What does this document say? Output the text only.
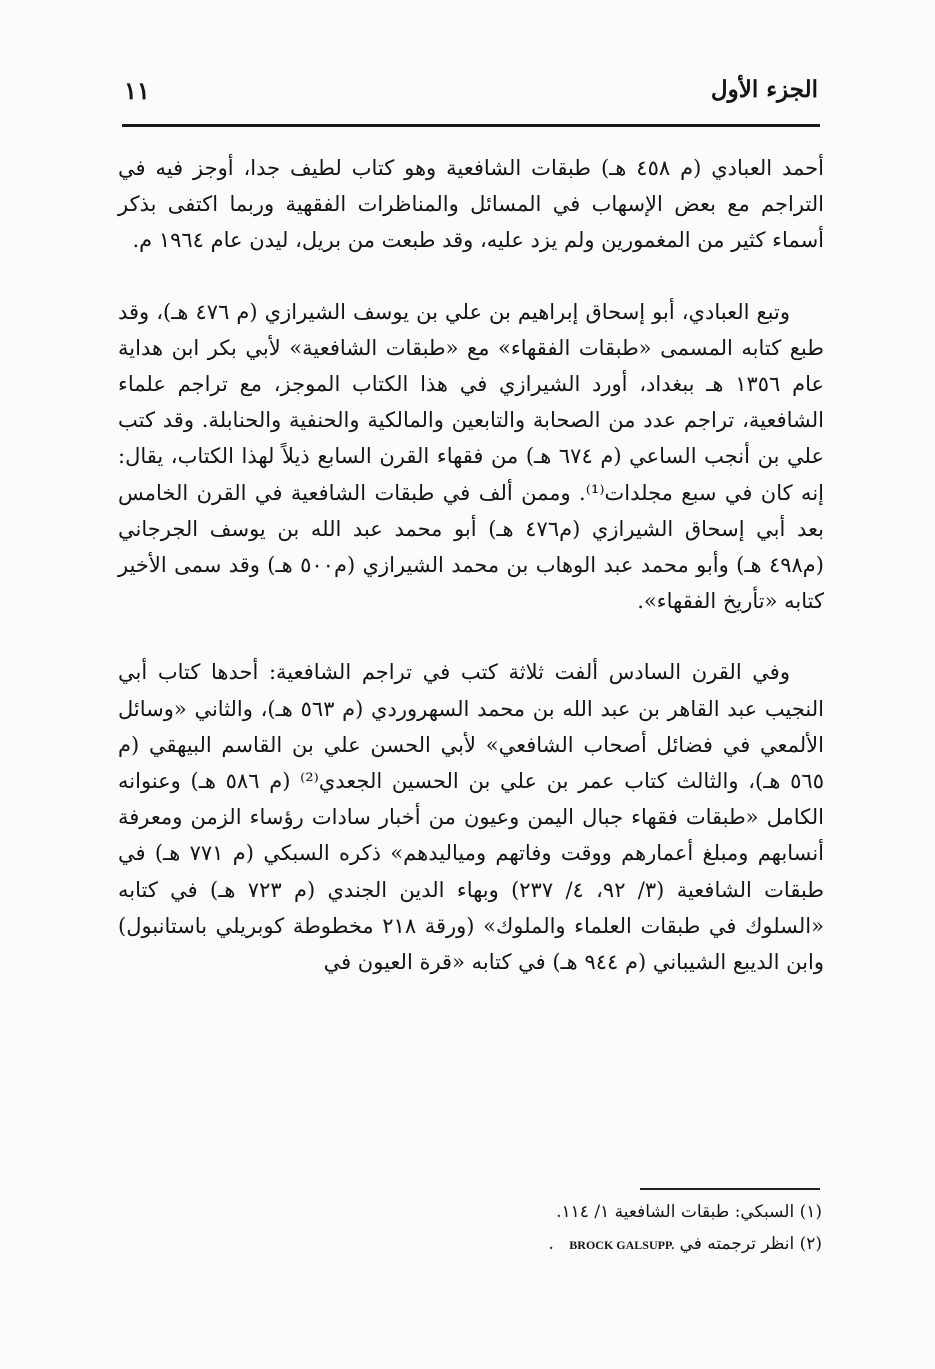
الجزء الأول
١١

أحمد العبادي (م ٤٥٨ هـ) طبقات الشافعية وهو كتاب لطيف جدا، أوجز فيه في التراجم مع بعض الإسهاب في المسائل والمناظرات الفقهية وربما اكتفى بذكر أسماء كثير من المغمورين ولم يزد عليه، وقد طبعت من بريل، ليدن عام ١٩٦٤ م.

وتبع العبادي، أبو إسحاق إبراهيم بن علي بن يوسف الشيرازي (م ٤٧٦ هـ)، وقد طبع كتابه المسمى «طبقات الفقهاء» مع «طبقات الشافعية» لأبي بكر ابن هداية عام ١٣٥٦ هـ ببغداد، أورد الشيرازي في هذا الكتاب الموجز، مع تراجم علماء الشافعية، تراجم عدد من الصحابة والتابعين والمالكية والحنفية والحنابلة. وقد كتب علي بن أنجب الساعي (م ٦٧٤ هـ) من فقهاء القرن السابع ذيلاً لهذا الكتاب، يقال: إنه كان في سبع مجلدات⁽¹⁾. وممن ألف في طبقات الشافعية في القرن الخامس بعد أبي إسحاق الشيرازي (م٤٧٦ هـ) أبو محمد عبد الله بن يوسف الجرجاني (م٤٩٨ هـ) وأبو محمد عبد الوهاب بن محمد الشيرازي (م٥٠٠ هـ) وقد سمى الأخير كتابه «تأريخ الفقهاء».

وفي القرن السادس ألفت ثلاثة كتب في تراجم الشافعية: أحدها كتاب أبي النجيب عبد القاهر بن عبد الله بن محمد السهروردي (م ٥٦٣ هـ)، والثاني «وسائل الألمعي في فضائل أصحاب الشافعي» لأبي الحسن علي بن القاسم البيهقي (م ٥٦٥ هـ)، والثالث كتاب عمر بن علي بن الحسين الجعدي⁽²⁾ (م ٥٨٦ هـ) وعنوانه الكامل «طبقات فقهاء جبال اليمن وعيون من أخبار سادات رؤساء الزمن ومعرفة أنسابهم ومبلغ أعمارهم ووقت وفاتهم ومياليدهم» ذكره السبكي (م ٧٧١ هـ) في طبقات الشافعية (٣/ ٩٢، ٤/ ٢٣٧) وبهاء الدين الجندي (م ٧٢٣ هـ) في كتابه «السلوك في طبقات العلماء والملوك» (ورقة ٢١٨ مخطوطة كوبريلي باستانبول) وابن الديبع الشيباني (م ٩٤٤ هـ) في كتابه «قرة العيون في

(١) السبكي: طبقات الشافعية ١/ ١١٤.

(٢) انظر ترجمته في BROCK GALSUPP. .
